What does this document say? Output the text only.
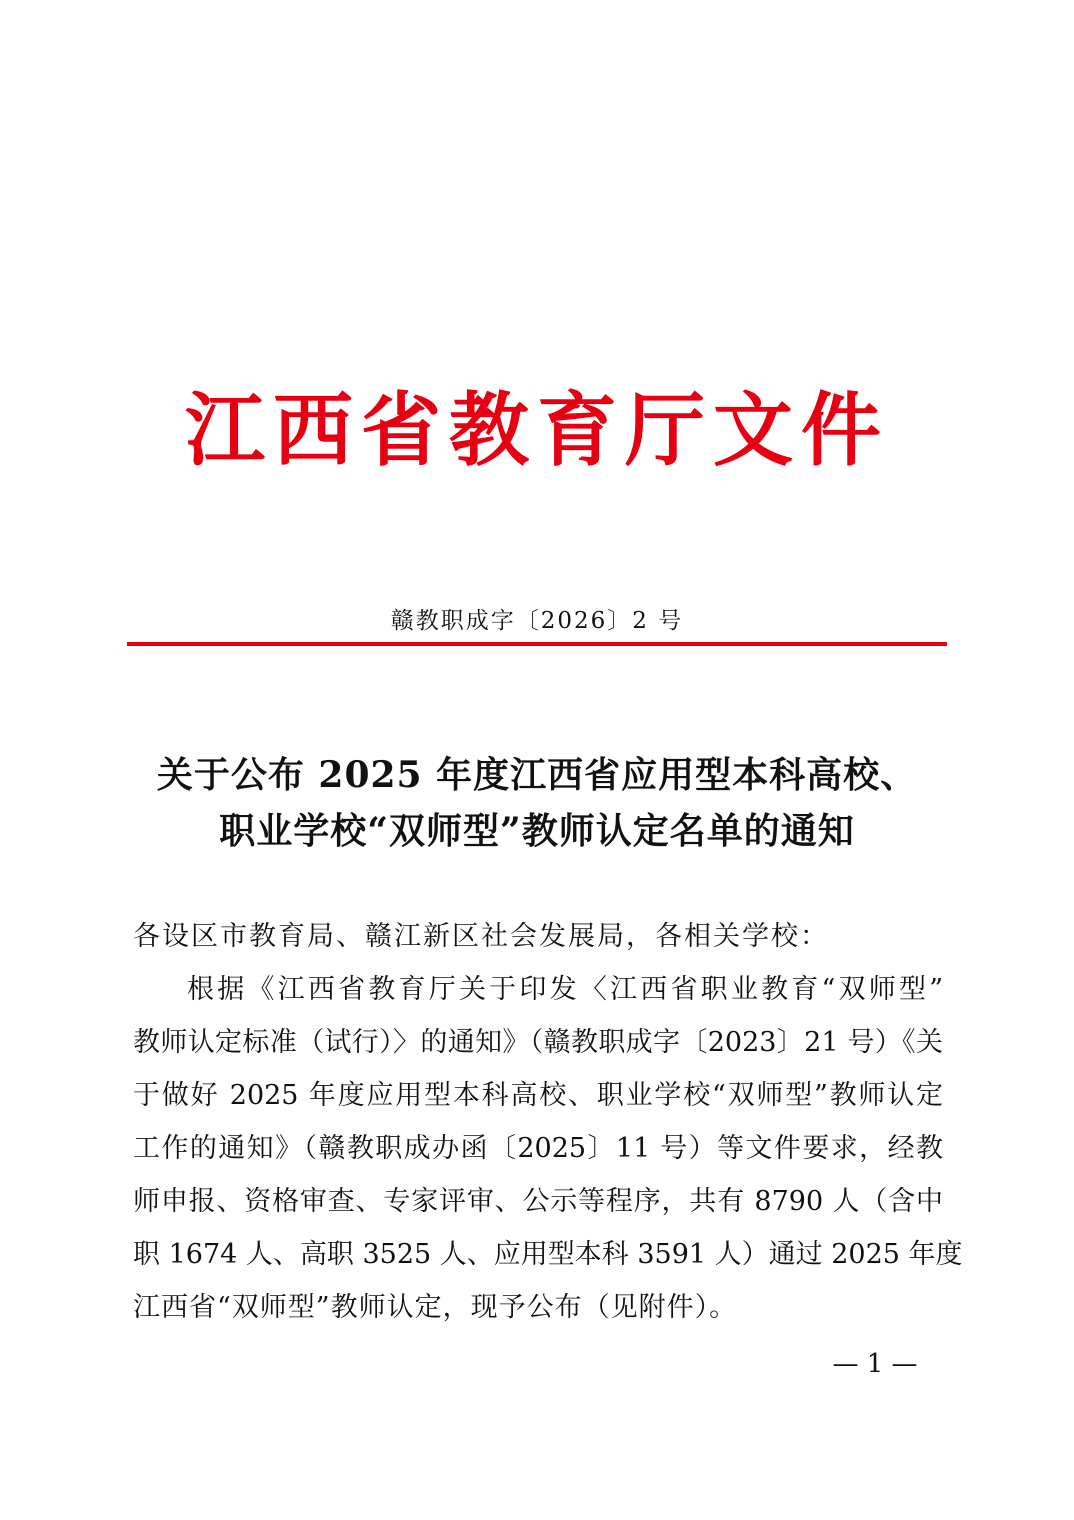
江西省教育厅文件
赣教职成字〔2026〕2 号
关于公布 2025 年度江西省应用型本科高校、
职业学校“双师型”教师认定名单的通知
各设区市教育局、赣江新区社会发展局，各相关学校：
根据《江西省教育厅关于印发〈江西省职业教育“双师型”
教师认定标准（试行）〉的通知》（赣教职成字〔2023〕21 号）《关
于做好 2025 年度应用型本科高校、职业学校“双师型”教师认定
工作的通知》（赣教职成办函〔2025〕11 号）等文件要求，经教
师申报、资格审查、专家评审、公示等程序，共有 8790 人（含中
职 1674 人、高职 3525 人、应用型本科 3591 人）通过 2025 年度
江西省“双师型”教师认定，现予公布（见附件）。
— 1 —
